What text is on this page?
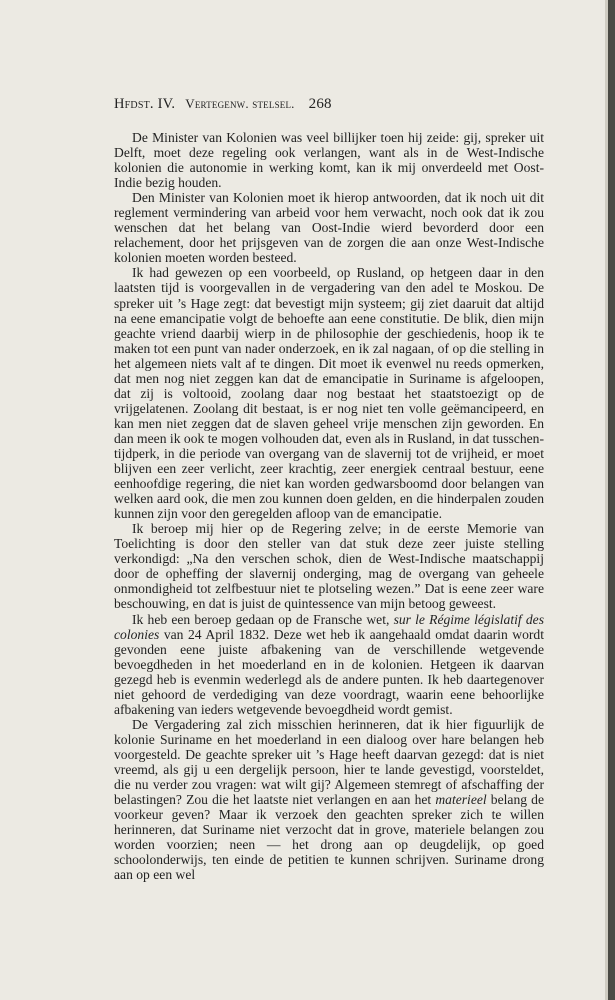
Hfdst. IV. Vertegenw. stelsel. 268

De Minister van Kolonien was veel billijker toen hij zeide: gij, spreker uit Delft, moet deze regeling ook verlangen, want als in de West-Indische kolonien die autonomie in werking komt, kan ik mij onverdeeld met Oost-Indie bezig houden.

Den Minister van Kolonien moet ik hierop antwoorden, dat ik noch uit dit reglement vermindering van arbeid voor hem verwacht, noch ook dat ik zou wenschen dat het belang van Oost-Indie wierd bevorderd door een relachement, door het prijsgeven van de zorgen die aan onze West-Indische kolonien moeten worden besteed.

Ik had gewezen op een voorbeeld, op Rusland, op hetgeen daar in den laatsten tijd is voorgevallen in de vergadering van den adel te Moskou. De spreker uit ’s Hage zegt: dat bevestigt mijn systeem; gij ziet daaruit dat altijd na eene emancipatie volgt de behoefte aan eene constitutie. De blik, dien mijn geachte vriend daarbij wierp in de philosophie der geschiedenis, hoop ik te maken tot een punt van nader onderzoek, en ik zal nagaan, of op die stelling in het algemeen niets valt af te dingen. Dit moet ik evenwel nu reeds opmerken, dat men nog niet zeggen kan dat de emancipatie in Suriname is afgeloopen, dat zij is voltooid, zoolang daar nog bestaat het staatstoezigt op de vrijgelatenen. Zoolang dit bestaat, is er nog niet ten volle geëmancipeerd, en kan men niet zeggen dat de slaven geheel vrije menschen zijn geworden. En dan meen ik ook te mogen volhouden dat, even als in Rusland, in dat tusschen-tijdperk, in die periode van overgang van de slavernij tot de vrijheid, er moet blijven een zeer verlicht, zeer krachtig, zeer energiek centraal bestuur, eene eenhoofdige regering, die niet kan worden gedwarsboomd door belangen van welken aard ook, die men zou kunnen doen gelden, en die hinderpalen zouden kunnen zijn voor den geregelden afloop van de emancipatie.

Ik beroep mij hier op de Regering zelve; in de eerste Memorie van Toelichting is door den steller van dat stuk deze zeer juiste stelling verkondigd: „Na den verschen schok, dien de West-Indische maatschappij door de opheffing der slavernij onderging, mag de overgang van geheele onmondigheid tot zelfbestuur niet te plotseling wezen.” Dat is eene zeer ware beschouwing, en dat is juist de quintessence van mijn betoog geweest.

Ik heb een beroep gedaan op de Fransche wet, sur le Régime législatif des colonies van 24 April 1832. Deze wet heb ik aangehaald omdat daarin wordt gevonden eene juiste afbakening van de verschillende wetgevende bevoegdheden in het moederland en in de kolonien. Hetgeen ik daarvan gezegd heb is evenmin wederlegd als de andere punten. Ik heb daartegenover niet gehoord de verdediging van deze voordragt, waarin eene behoorlijke afbakening van ieders wetgevende bevoegdheid wordt gemist.

De Vergadering zal zich misschien herinneren, dat ik hier figuurlijk de kolonie Suriname en het moederland in een dialoog over hare belangen heb voorgesteld. De geachte spreker uit ’s Hage heeft daarvan gezegd: dat is niet vreemd, als gij u een dergelijk persoon, hier te lande gevestigd, voorsteldet, die nu verder zou vragen: wat wilt gij? Algemeen stemregt of afschaffing der belastingen? Zou die het laatste niet verlangen en aan het materieel belang de voorkeur geven? Maar ik verzoek den geachten spreker zich te willen herinneren, dat Suriname niet verzocht dat in grove, materiele belangen zou worden voorzien; neen — het drong aan op deugdelijk, op goed schoolonderwijs, ten einde de petitien te kunnen schrijven. Suriname drong aan op een wel
